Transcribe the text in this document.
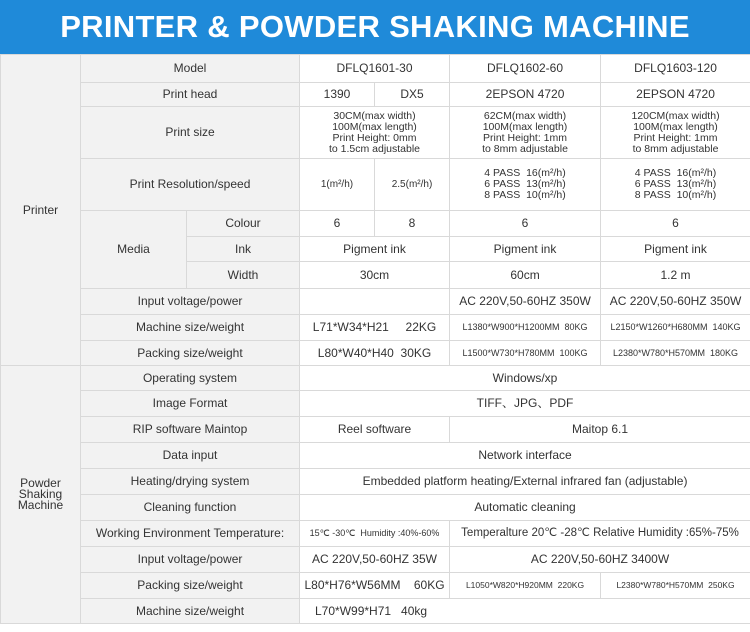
PRINTER & POWDER SHAKING MACHINE
Printer	Model		DFLQ1601-30		DFLQ1602-60	DFLQ1603-120
	Print head		1390	DX5	2EPSON 4720	2EPSON 4720
	Print size		30CM(max width)
100M(max length)
Print Height: 0mm
to 1.5cm adjustable		62CM(max width)
100M(max length)
Print Height: 1mm
to 8mm adjustable	120CM(max width)
100M(max length)
Print Height: 1mm
to 8mm adjustable
	Print Resolution/speed		1(m²/h)	2.5(m²/h)	4 PASS  16(m²/h)
6 PASS  13(m²/h)
8 PASS  10(m²/h)	4 PASS  16(m²/h)
6 PASS  13(m²/h)
8 PASS  10(m²/h)
	Media	Colour	6	8	6	6
		Ink	Pigment ink		Pigment ink	Pigment ink
		Width	30cm		60cm	1.2 m
	Input voltage/power				AC 220V,50-60HZ 350W	AC 220V,50-60HZ 350W
	Machine size/weight		L71*W34*H21     22KG		L1380*W900*H1200MM  80KG	L2150*W1260*H680MM  140KG
	Packing size/weight		L80*W40*H40  30KG		L1500*W730*H780MM  100KG	L2380*W780*H570MM  180KG

Powder
Shaking
Machine	Operating system		Windows/xp			
	Image Format		TIFF、JPG、PDF			
	RIP software Maintop		Reel software		Maitop 6.1	
	Data input		Network interface			
	Heating/drying system		Embedded platform heating/External infrared fan (adjustable)			
	Cleaning function		Automatic cleaning			
	Working Environment Temperature:		15℃ -30℃  Humidity :40%-60%		Temperalture 20℃ -28℃ Relative Humidity :65%-75%	
	Input voltage/power		AC 220V,50-60HZ 35W		AC 220V,50-60HZ 3400W	
	Packing size/weight		L80*H76*W56MM    60KG		L1050*W820*H920MM  220KG	L2380*W780*H570MM  250KG
	Machine size/weight		L70*W99*H71   40kg			
